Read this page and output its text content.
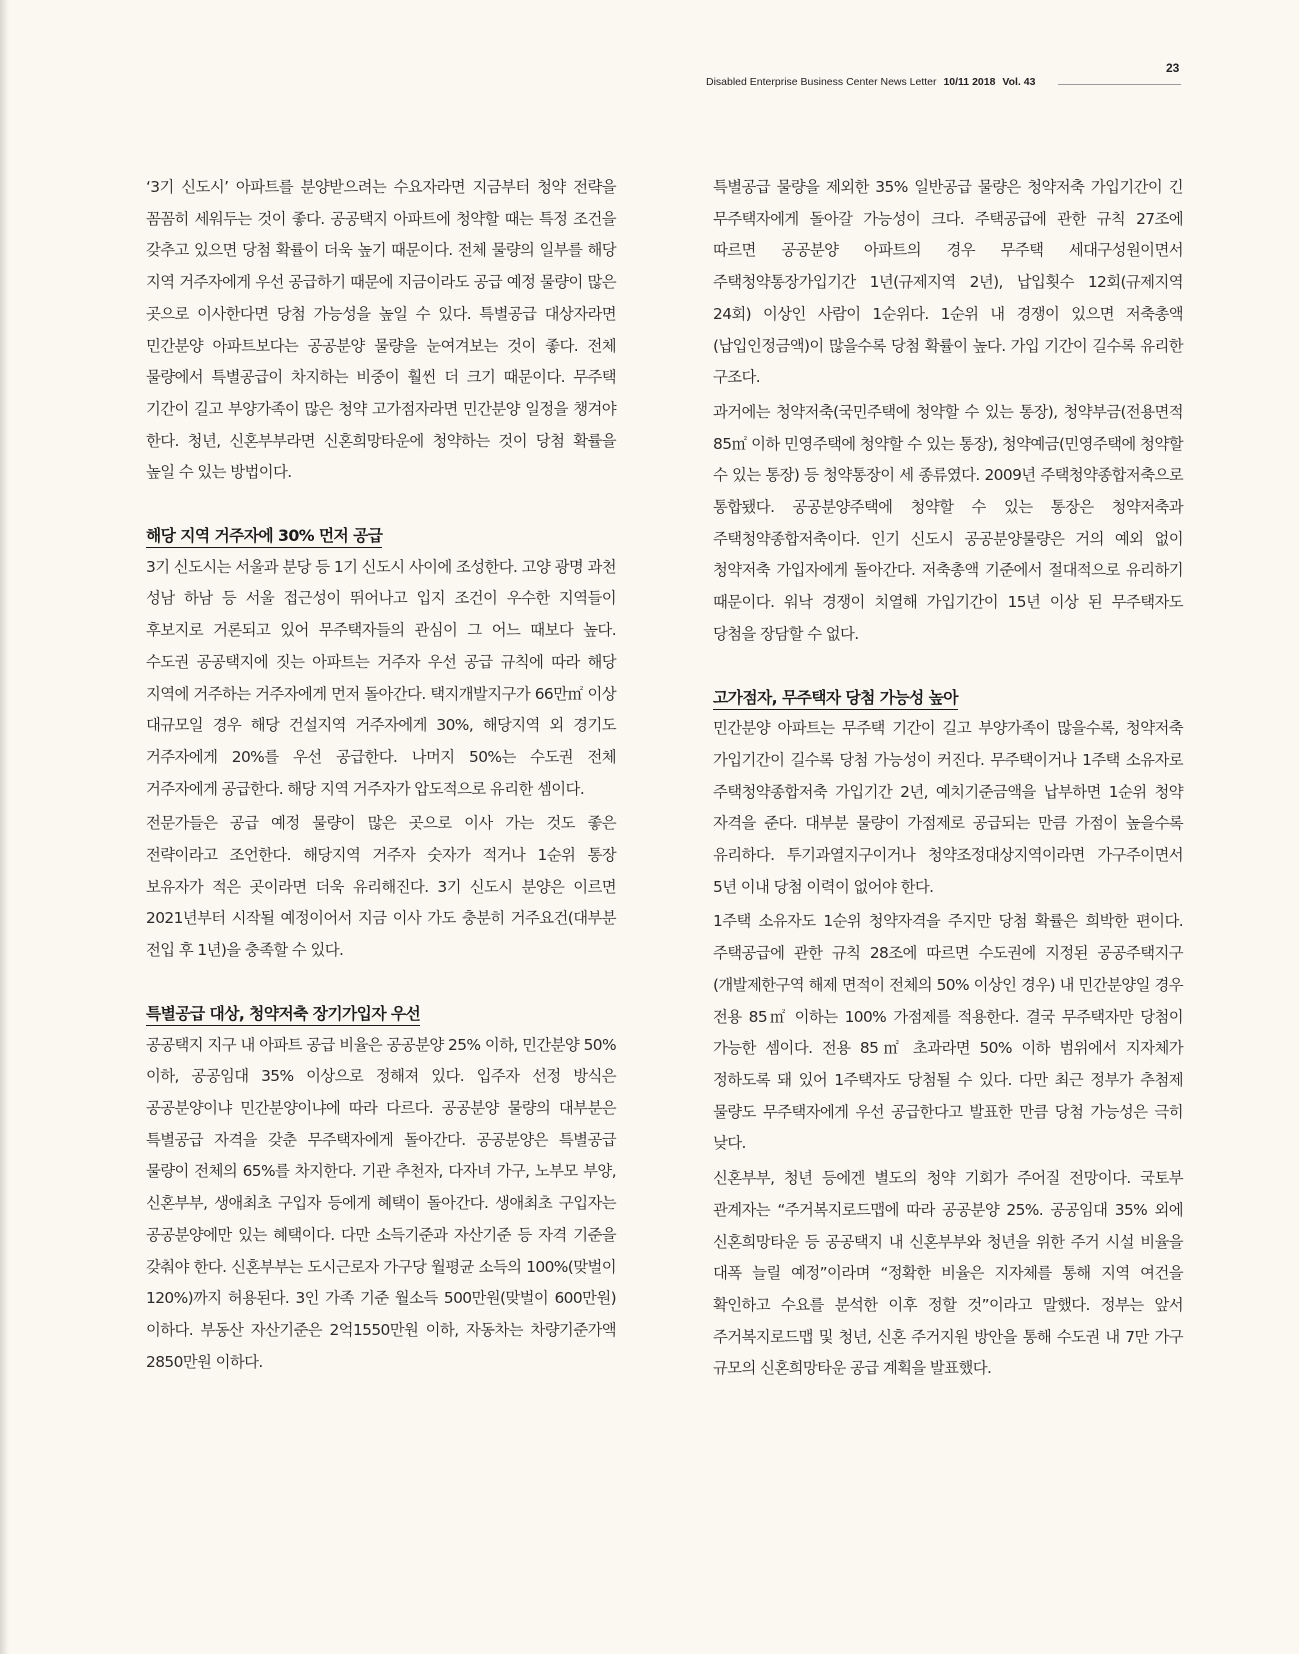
Disabled Enterprise Business Center News Letter 10/11 2018 Vol. 43
23

‘3기 신도시’ 아파트를 분양받으려는 수요자라면 지금부터 청약 전략을 꼼꼼히 세워두는 것이 좋다. 공공택지 아파트에 청약할 때는 특정 조건을 갖추고 있으면 당첨 확률이 더욱 높기 때문이다. 전체 물량의 일부를 해당 지역 거주자에게 우선 공급하기 때문에 지금이라도 공급 예정 물량이 많은 곳으로 이사한다면 당첨 가능성을 높일 수 있다. 특별공급 대상자라면 민간분양 아파트보다는 공공분양 물량을 눈여겨보는 것이 좋다. 전체 물량에서 특별공급이 차지하는 비중이 훨씬 더 크기 때문이다. 무주택 기간이 길고 부양가족이 많은 청약 고가점자라면 민간분양 일정을 챙겨야 한다. 청년, 신혼부부라면 신혼희망타운에 청약하는 것이 당첨 확률을 높일 수 있는 방법이다.

해당 지역 거주자에 30% 먼저 공급

3기 신도시는 서울과 분당 등 1기 신도시 사이에 조성한다. 고양 광명 과천 성남 하남 등 서울 접근성이 뛰어나고 입지 조건이 우수한 지역들이 후보지로 거론되고 있어 무주택자들의 관심이 그 어느 때보다 높다. 수도권 공공택지에 짓는 아파트는 거주자 우선 공급 규칙에 따라 해당 지역에 거주하는 거주자에게 먼저 돌아간다. 택지개발지구가 66만㎡ 이상 대규모일 경우 해당 건설지역 거주자에게 30%, 해당지역 외 경기도 거주자에게 20%를 우선 공급한다. 나머지 50%는 수도권 전체 거주자에게 공급한다. 해당 지역 거주자가 압도적으로 유리한 셈이다.

전문가들은 공급 예정 물량이 많은 곳으로 이사 가는 것도 좋은 전략이라고 조언한다. 해당지역 거주자 숫자가 적거나 1순위 통장 보유자가 적은 곳이라면 더욱 유리해진다. 3기 신도시 분양은 이르면 2021년부터 시작될 예정이어서 지금 이사 가도 충분히 거주요건(대부분 전입 후 1년)을 충족할 수 있다.

특별공급 대상, 청약저축 장기가입자 우선

공공택지 지구 내 아파트 공급 비율은 공공분양 25% 이하, 민간분양 50% 이하, 공공임대 35% 이상으로 정해져 있다. 입주자 선정 방식은 공공분양이냐 민간분양이냐에 따라 다르다. 공공분양 물량의 대부분은 특별공급 자격을 갖춘 무주택자에게 돌아간다. 공공분양은 특별공급 물량이 전체의 65%를 차지한다. 기관 추천자, 다자녀 가구, 노부모 부양, 신혼부부, 생애최초 구입자 등에게 혜택이 돌아간다. 생애최초 구입자는 공공분양에만 있는 혜택이다. 다만 소득기준과 자산기준 등 자격 기준을 갖춰야 한다. 신혼부부는 도시근로자 가구당 월평균 소득의 100%(맞벌이 120%)까지 허용된다. 3인 가족 기준 월소득 500만원(맞벌이 600만원) 이하다. 부동산 자산기준은 2억1550만원 이하, 자동차는 차량기준가액 2850만원 이하다.

특별공급 물량을 제외한 35% 일반공급 물량은 청약저축 가입기간이 긴 무주택자에게 돌아갈 가능성이 크다. 주택공급에 관한 규칙 27조에 따르면 공공분양 아파트의 경우 무주택 세대구성원이면서 주택청약통장가입기간 1년(규제지역 2년), 납입횟수 12회(규제지역 24회) 이상인 사람이 1순위다. 1순위 내 경쟁이 있으면 저축총액(납입인정금액)이 많을수록 당첨 확률이 높다. 가입 기간이 길수록 유리한 구조다.

과거에는 청약저축(국민주택에 청약할 수 있는 통장), 청약부금(전용면적 85㎡ 이하 민영주택에 청약할 수 있는 통장), 청약예금(민영주택에 청약할 수 있는 통장) 등 청약통장이 세 종류였다. 2009년 주택청약종합저축으로 통합됐다. 공공분양주택에 청약할 수 있는 통장은 청약저축과 주택청약종합저축이다. 인기 신도시 공공분양물량은 거의 예외 없이 청약저축 가입자에게 돌아간다. 저축총액 기준에서 절대적으로 유리하기 때문이다. 워낙 경쟁이 치열해 가입기간이 15년 이상 된 무주택자도 당첨을 장담할 수 없다.

고가점자, 무주택자 당첨 가능성 높아

민간분양 아파트는 무주택 기간이 길고 부양가족이 많을수록, 청약저축 가입기간이 길수록 당첨 가능성이 커진다. 무주택이거나 1주택 소유자로 주택청약종합저축 가입기간 2년, 예치기준금액을 납부하면 1순위 청약 자격을 준다. 대부분 물량이 가점제로 공급되는 만큼 가점이 높을수록 유리하다. 투기과열지구이거나 청약조정대상지역이라면 가구주이면서 5년 이내 당첨 이력이 없어야 한다.

1주택 소유자도 1순위 청약자격을 주지만 당첨 확률은 희박한 편이다. 주택공급에 관한 규칙 28조에 따르면 수도권에 지정된 공공주택지구(개발제한구역 해제 면적이 전체의 50% 이상인 경우) 내 민간분양일 경우 전용 85㎡ 이하는 100% 가점제를 적용한다. 결국 무주택자만 당첨이 가능한 셈이다. 전용 85㎡ 초과라면 50% 이하 범위에서 지자체가 정하도록 돼 있어 1주택자도 당첨될 수 있다. 다만 최근 정부가 추첨제 물량도 무주택자에게 우선 공급한다고 발표한 만큼 당첨 가능성은 극히 낮다.

신혼부부, 청년 등에겐 별도의 청약 기회가 주어질 전망이다. 국토부 관계자는 “주거복지로드맵에 따라 공공분양 25%. 공공임대 35% 외에 신혼희망타운 등 공공택지 내 신혼부부와 청년을 위한 주거 시설 비율을 대폭 늘릴 예정”이라며 “정확한 비율은 지자체를 통해 지역 여건을 확인하고 수요를 분석한 이후 정할 것”이라고 말했다. 정부는 앞서 주거복지로드맵 및 청년, 신혼 주거지원 방안을 통해 수도권 내 7만 가구 규모의 신혼희망타운 공급 계획을 발표했다.
